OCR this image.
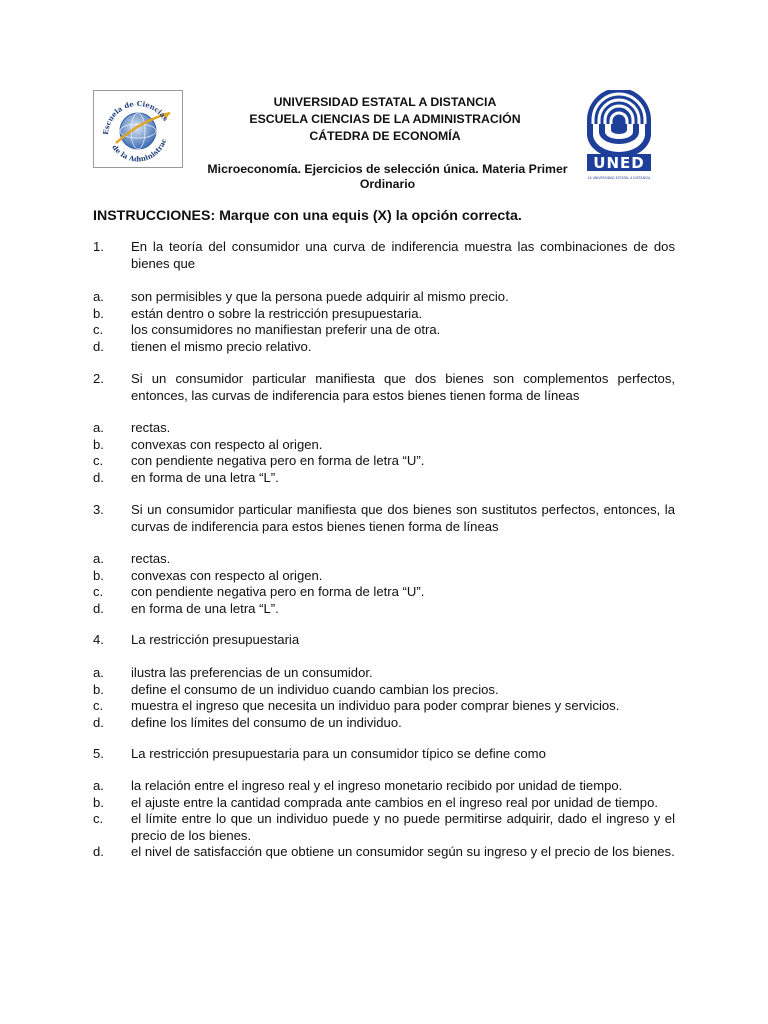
Escuela de Ciencias
de la Administrac
UNED
LA UNIVERSIDAD ESTATAL A DISTANCIA
UNIVERSIDAD ESTATAL A DISTANCIA
ESCUELA CIENCIAS DE LA ADMINISTRACIÓN
CÁTEDRA DE ECONOMÍA
Microeconomía. Ejercicios de selección única. Materia Primer Ordinario
INSTRUCCIONES: Marque con una equis (X) la opción correcta.
1.	En la teoría del consumidor una curva de indiferencia muestra las combinaciones de dos bienes que
a.	son permisibles y que la persona puede adquirir al mismo precio.
b.	están dentro o sobre la restricción presupuestaria.
c.	los consumidores no manifiestan preferir una de otra.
d.	tienen el mismo precio relativo.
2.	Si un consumidor particular manifiesta que dos bienes son complementos perfectos, entonces, las curvas de indiferencia para estos bienes tienen forma de líneas
a.	rectas.
b.	convexas con respecto al origen.
c.	con pendiente negativa pero en forma de letra “U”.
d.	en forma de una letra “L”.
3.	Si un consumidor particular manifiesta que dos bienes son sustitutos perfectos, entonces, la curvas de indiferencia para estos bienes tienen forma de líneas
a.	rectas.
b.	convexas con respecto al origen.
c.	con pendiente negativa pero en forma de letra “U”.
d.	en forma de una letra “L”.
4.	La restricción presupuestaria
a.	ilustra las preferencias de un consumidor.
b.	define el consumo de un individuo cuando cambian los precios.
c.	muestra el ingreso que necesita un individuo para poder comprar bienes y servicios.
d.	define los límites del consumo de un individuo.
5.	La restricción presupuestaria para un consumidor típico se define como
a.	la relación entre el ingreso real y el ingreso monetario recibido por unidad de tiempo.
b.	el ajuste entre la cantidad comprada ante cambios en el ingreso real por unidad de tiempo.
c.	el límite entre lo que un individuo puede y no puede permitirse adquirir, dado el ingreso y el precio de los bienes.
d.	el nivel de satisfacción que obtiene un consumidor según su ingreso y el precio de los bienes.
